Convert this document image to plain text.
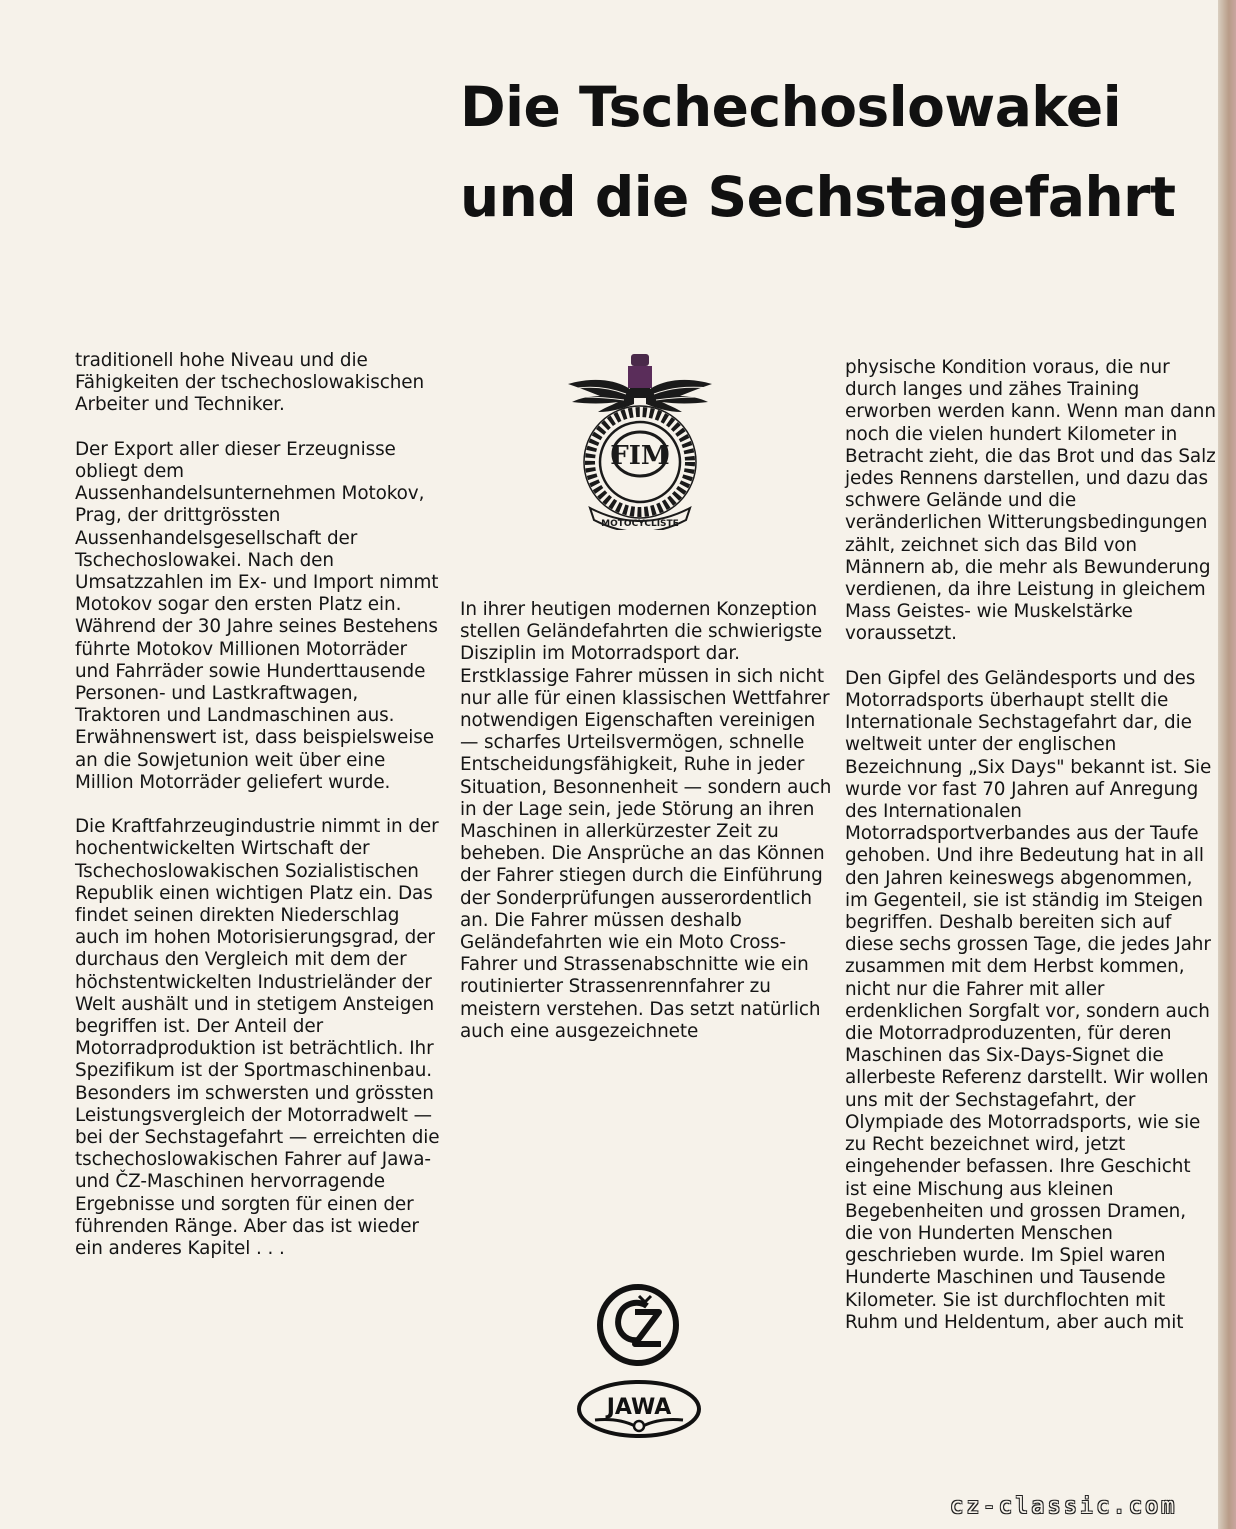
Die Tschechoslowakei
und die Sechstagefahrt

traditionell hohe Niveau und die Fähigkeiten der tschechoslowakischen Arbeiter und Techniker.

Der Export aller dieser Erzeugnisse obliegt dem Aussenhandelsunternehmen Motokov, Prag, der drittgrössten Aussenhandelsgesellschaft der Tschechoslowakei. Nach den Umsatzzahlen im Ex- und Import nimmt Motokov sogar den ersten Platz ein. Während der 30 Jahre seines Bestehens führte Motokov Millionen Motorräder und Fahrräder sowie Hunderttausende Personen- und Lastkraftwagen, Traktoren und Landmaschinen aus. Erwähnenswert ist, dass beispielsweise an die Sowjetunion weit über eine Million Motorräder geliefert wurde.

Die Kraftfahrzeugindustrie nimmt in der hochentwickelten Wirtschaft der Tschechoslowakischen Sozialistischen Republik einen wichtigen Platz ein. Das findet seinen direkten Niederschlag auch im hohen Motorisierungsgrad, der durchaus den Vergleich mit dem der höchstentwickelten Industrieländer der Welt aushält und in stetigem Ansteigen begriffen ist. Der Anteil der Motorradproduktion ist beträchtlich. Ihr Spezifikum ist der Sportmaschinenbau. Besonders im schwersten und grössten Leistungsvergleich der Motorradwelt — bei der Sechstagefahrt — erreichten die tschechoslowakischen Fahrer auf Jawa- und ČZ-Maschinen hervorragende Ergebnisse und sorgten für einen der führenden Ränge. Aber das ist wieder ein anderes Kapitel . . .

FIM
MOTOCYCLISTE

In ihrer heutigen modernen Konzeption stellen Geländefahrten die schwierigste Disziplin im Motorradsport dar. Erstklassige Fahrer müssen in sich nicht nur alle für einen klassischen Wettfahrer notwendigen Eigenschaften vereinigen — scharfes Urteilsvermögen, schnelle Entscheidungsfähigkeit, Ruhe in jeder Situation, Besonnenheit — sondern auch in der Lage sein, jede Störung an ihren Maschinen in allerkürzester Zeit zu beheben. Die Ansprüche an das Können der Fahrer stiegen durch die Einführung der Sonderprüfungen ausserordentlich an. Die Fahrer müssen deshalb Geländefahrten wie ein Moto Cross-Fahrer und Strassenabschnitte wie ein routinierter Strassenrennfahrer zu meistern verstehen. Das setzt natürlich auch eine ausgezeichnete

JAWA

physische Kondition voraus, die nur durch langes und zähes Training erworben werden kann. Wenn man dann noch die vielen hundert Kilometer in Betracht zieht, die das Brot und das Salz jedes Rennens darstellen, und dazu das schwere Gelände und die veränderlichen Witterungsbedingungen zählt, zeichnet sich das Bild von Männern ab, die mehr als Bewunderung verdienen, da ihre Leistung in gleichem Mass Geistes- wie Muskelstärke voraussetzt.

Den Gipfel des Geländesports und des Motorradsports überhaupt stellt die Internationale Sechstagefahrt dar, die weltweit unter der englischen Bezeichnung „Six Days" bekannt ist. Sie wurde vor fast 70 Jahren auf Anregung des Internationalen Motorradsportverbandes aus der Taufe gehoben. Und ihre Bedeutung hat in all den Jahren keineswegs abgenommen, im Gegenteil, sie ist ständig im Steigen begriffen. Deshalb bereiten sich auf diese sechs grossen Tage, die jedes Jahr zusammen mit dem Herbst kommen, nicht nur die Fahrer mit aller erdenklichen Sorgfalt vor, sondern auch die Motorradproduzenten, für deren Maschinen das Six-Days-Signet die allerbeste Referenz darstellt. Wir wollen uns mit der Sechstagefahrt, der Olympiade des Motorradsports, wie sie zu Recht bezeichnet wird, jetzt eingehender befassen. Ihre Geschicht ist eine Mischung aus kleinen Begebenheiten und grossen Dramen, die von Hunderten Menschen geschrieben wurde. Im Spiel waren Hunderte Maschinen und Tausende Kilometer. Sie ist durchflochten mit Ruhm und Heldentum, aber auch mit

cz-classic.com
